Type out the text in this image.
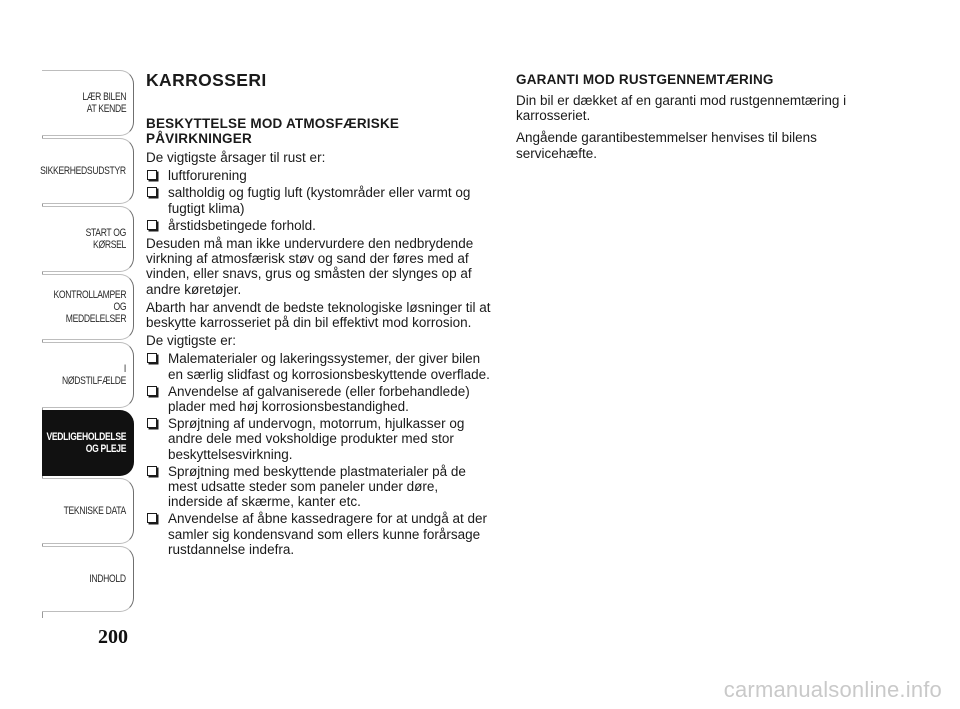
LÆR BILEN
AT KENDE
SIKKERHEDSUDSTYR
START OG KØRSEL
KONTROLLAMPER
OG MEDDELELSER
I NØDSTILFÆLDE
VEDLIGEHOLDELSE
OG PLEJE
TEKNISKE DATA
INDHOLD
200
KARROSSERI
BESKYTTELSE MOD ATMOSFÆRISKE PÅVIRKNINGER

De vigtigste årsager til rust er:

luftforurening
saltholdig og fugtig luft (kystområder eller varmt og fugtigt klima)
årstidsbetingede forhold.

Desuden må man ikke undervurdere den nedbrydende virkning af atmosfærisk støv og sand der føres med af vinden, eller snavs, grus og småsten der slynges op af andre køretøjer.

Abarth har anvendt de bedste teknologiske løsninger til at beskytte karrosseriet på din bil effektivt mod korrosion.

De vigtigste er:

Malematerialer og lakeringssystemer, der giver bilen en særlig slidfast og korrosionsbeskyttende overflade.
Anvendelse af galvaniserede (eller forbehandlede) plader med høj korrosionsbestandighed.
Sprøjtning af undervogn, motorrum, hjulkasser og andre dele med voksholdige produkter med stor beskyttelsesvirkning.
Sprøjtning med beskyttende plastmaterialer på de mest udsatte steder som paneler under døre, inderside af skærme, kanter etc.
Anvendelse af åbne kassedragere for at undgå at der samler sig kondensvand som ellers kunne forårsage rustdannelse indefra.
GARANTI MOD RUSTGENNEMTÆRING

Din bil er dækket af en garanti mod rustgennemtæring i karrosseriet.

Angående garantibestemmelser henvises til bilens servicehæfte.

carmanualsonline.info
